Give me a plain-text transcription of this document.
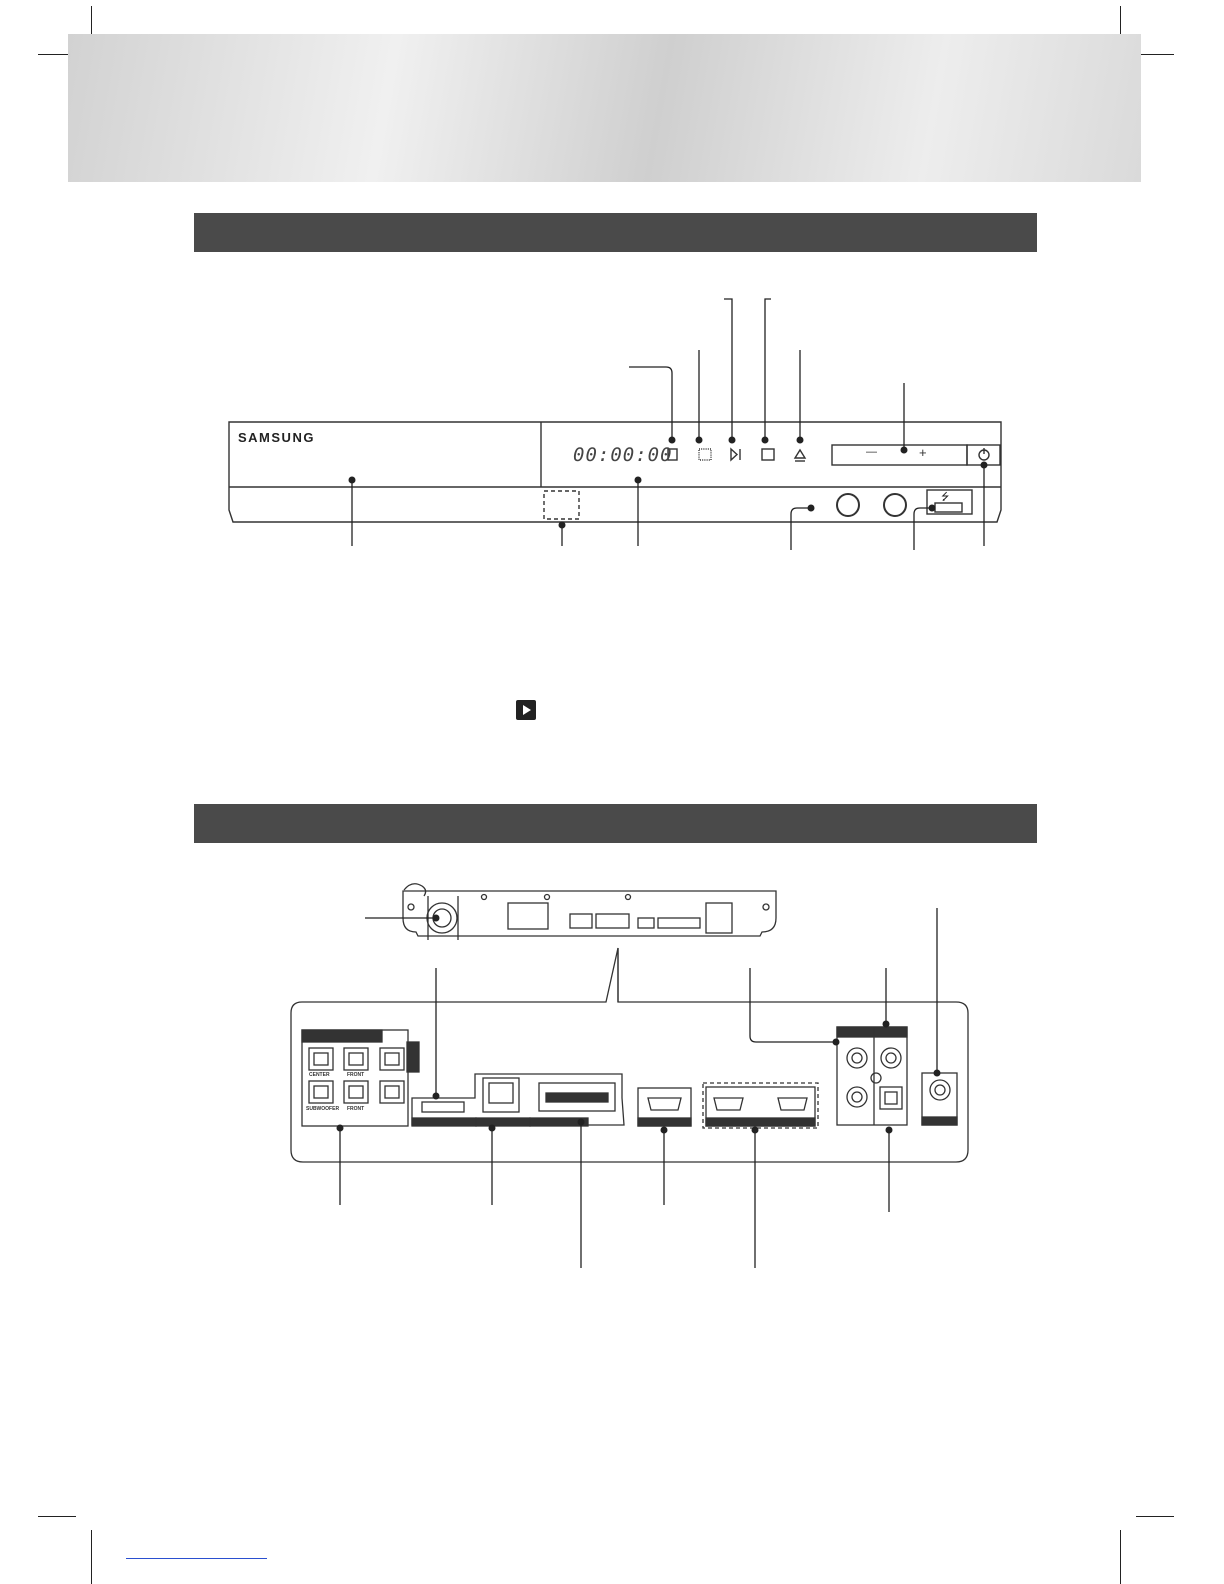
SAMSUNG
00:00:00	—	+
⭍
CENTER	FRONT
SUBWOOFER FRONT
